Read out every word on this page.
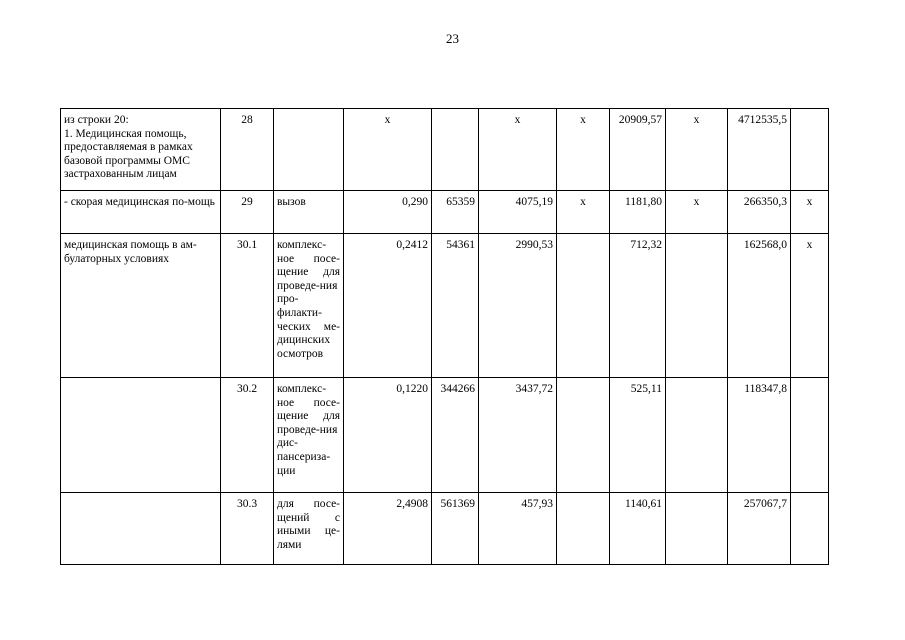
23
из строки 20:
1. Медицинская помощь, предоставляемая в рамках базовой программы ОМС застрахованным лицам	28		x		x	x	20909,57	x	4712535,5	
- скорая медицинская по-мощь	29	вызов	0,290	65359	4075,19	x	1181,80	x	266350,3	x
медицинская помощь в ам-булаторных условиях	30.1	комплекс-ное посе-щение для проведе-ния про-филакти-ческих ме-дицинских осмотров	0,2412	54361	2990,53		712,32		162568,0	x
	30.2	комплекс-ное посе-щение для проведе-ния дис-пансериза-ции	0,1220	344266	3437,72		525,11		118347,8	
	30.3	для посе-щений с иными це-лями	2,4908	561369	457,93		1140,61		257067,7	
